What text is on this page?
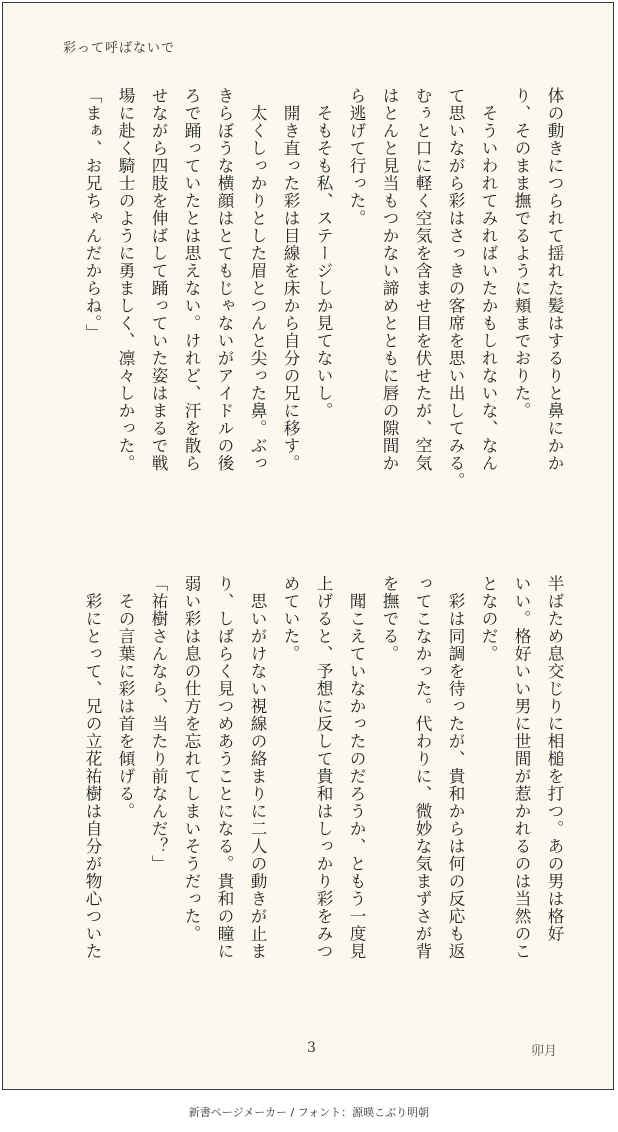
彩って呼ばないで
体の動きにつられて揺れた髪はするりと鼻にかか
り、そのまま撫でるように頬までおりた。
　そういわれてみればいたかもしれないな、なん
て思いながら彩はさっきの客席を思い出してみる。
むぅと口に軽く空気を含ませ目を伏せたが、空気
はとんと見当もつかない諦めとともに唇の隙間か
ら逃げて行った。
　そもそも私、ステージしか見てないし。
　開き直った彩は目線を床から自分の兄に移す。
　太くしっかりとした眉とつんと尖った鼻。ぶっ
きらぼうな横顔はとてもじゃないがアイドルの後
ろで踊っていたとは思えない。けれど、汗を散ら
せながら四肢を伸ばして踊っていた姿はまるで戦
場に赴く騎士のように勇ましく、凛々しかった。
「まぁ、お兄ちゃんだからね。」
半ばため息交じりに相槌を打つ。あの男は格好
いい。格好いい男に世間が惹かれるのは当然のこ
となのだ。
　彩は同調を待ったが、貴和からは何の反応も返
ってこなかった。代わりに、微妙な気まずさが背
を撫でる。
　聞こえていなかったのだろうか、ともう一度見
上げると、予想に反して貴和はしっかり彩をみつ
めていた。
　思いがけない視線の絡まりに二人の動きが止ま
り、しばらく見つめあうことになる。貴和の瞳に
弱い彩は息の仕方を忘れてしまいそうだった。
「祐樹さんなら、当たり前なんだ？」
　その言葉に彩は首を傾げる。
　彩にとって、兄の立花祐樹は自分が物心ついた
3	卯月
新書ページメーカー / フォント：源暎こぶり明朝
